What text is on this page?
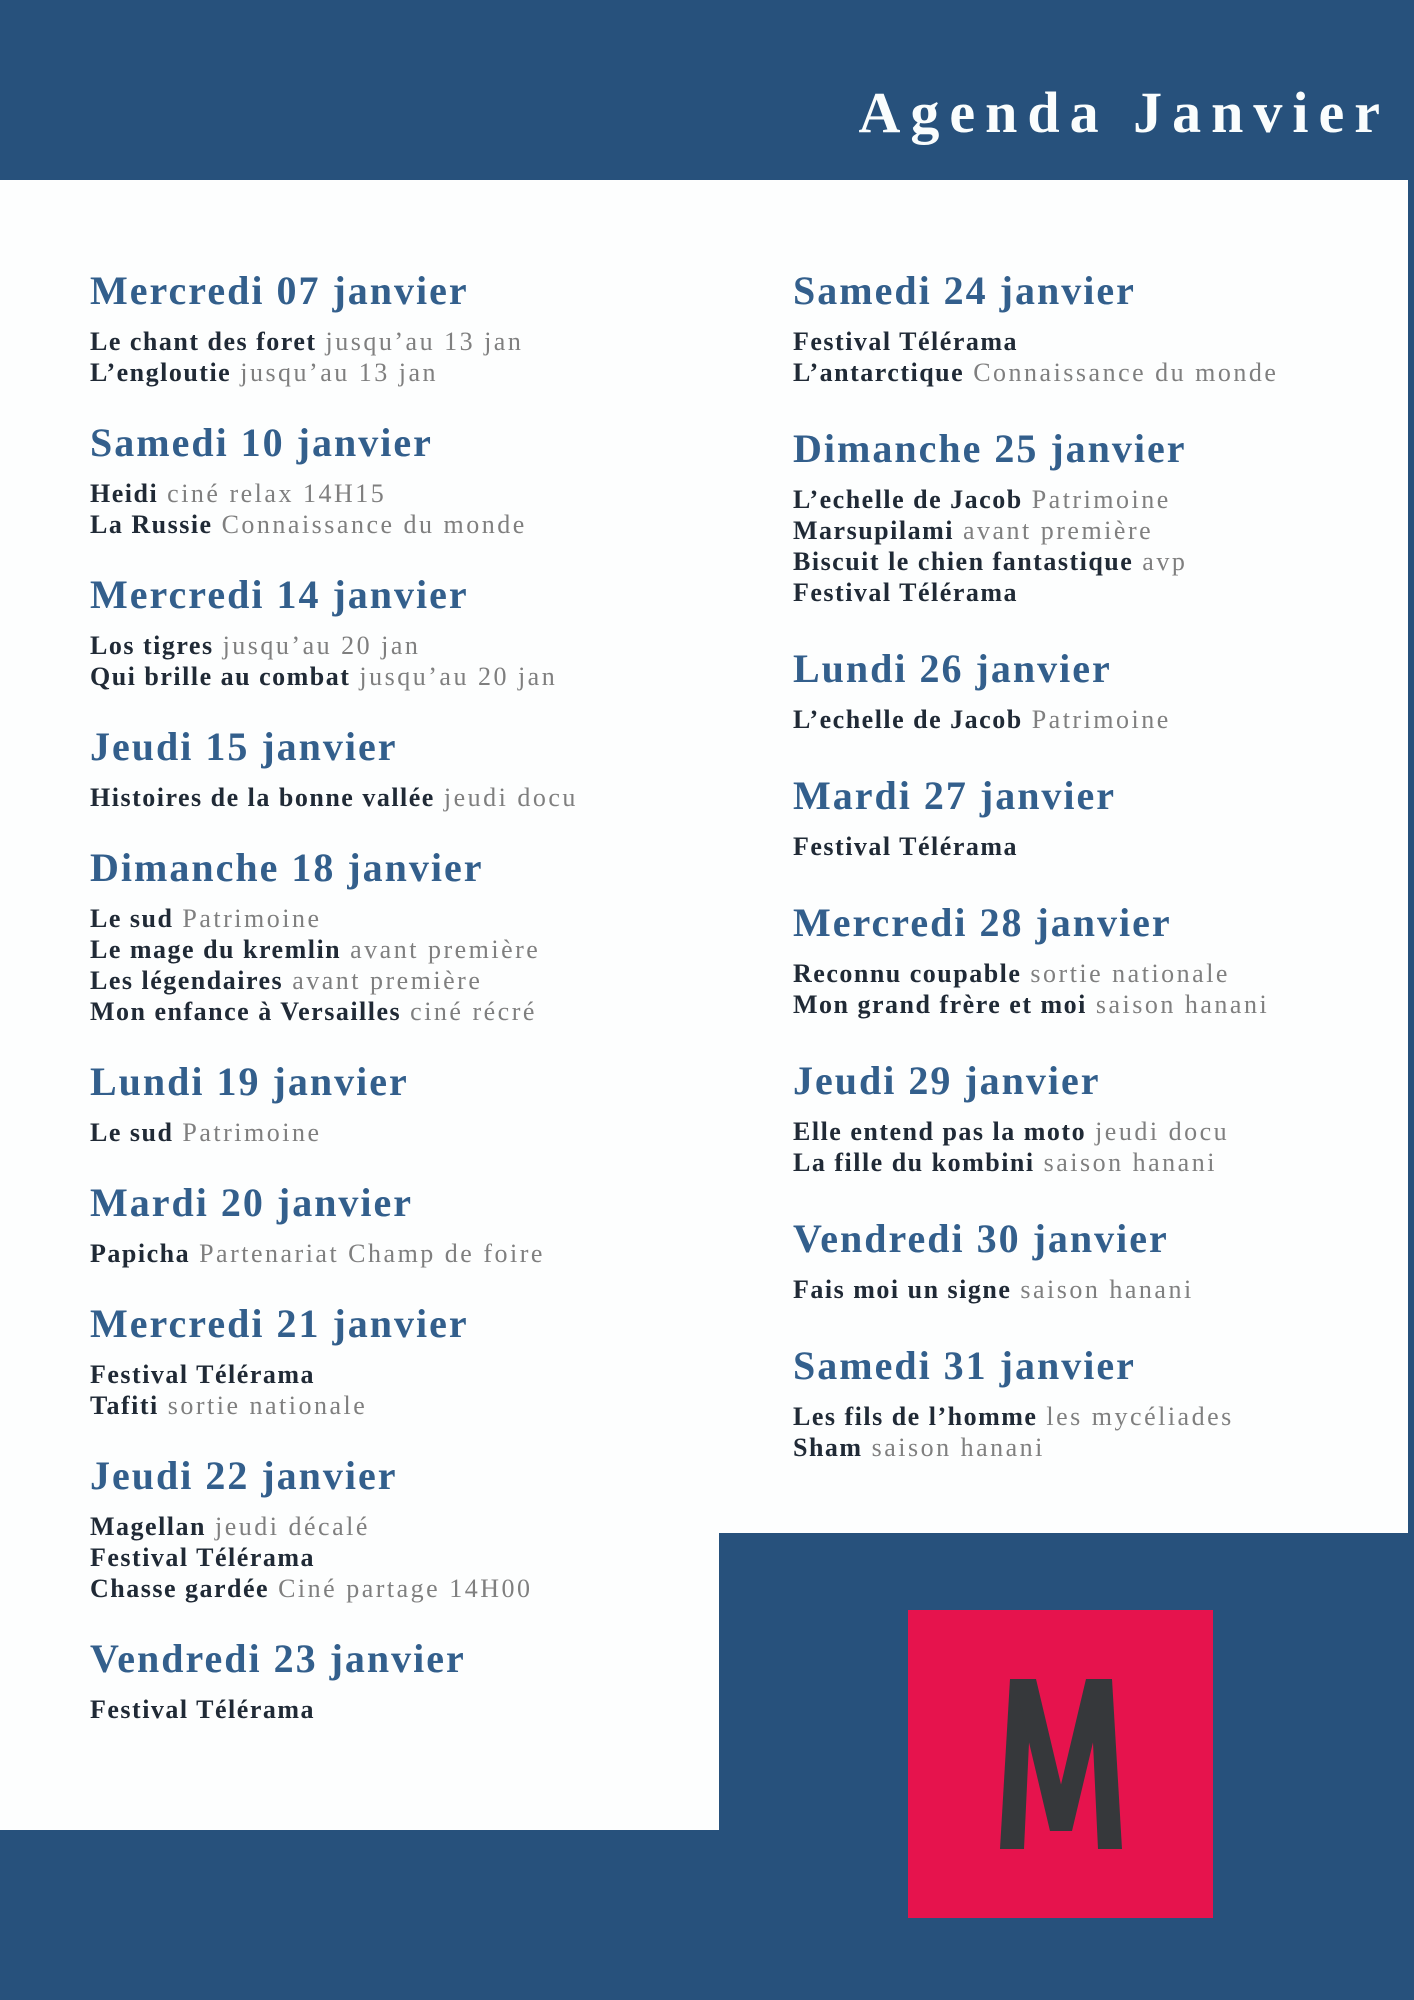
Agenda Janvier
Mercredi 07 janvier

Le chant des foret jusqu’au 13 jan

L’engloutie jusqu’au 13 jan

Samedi 10 janvier

Heidi ciné relax 14H15

La Russie Connaissance du monde

Mercredi 14 janvier

Los tigres jusqu’au 20 jan

Qui brille au combat jusqu’au 20 jan

Jeudi 15 janvier

Histoires de la bonne vallée jeudi docu

Dimanche 18 janvier

Le sud Patrimoine

Le mage du kremlin avant première

Les légendaires avant première

Mon enfance à Versailles ciné récré

Lundi 19 janvier

Le sud Patrimoine

Mardi 20 janvier

Papicha Partenariat Champ de foire

Mercredi 21 janvier

Festival Télérama

Tafiti sortie nationale

Jeudi 22 janvier

Magellan jeudi décalé

Festival Télérama

Chasse gardée Ciné partage 14H00

Vendredi 23 janvier

Festival Télérama

Samedi 24 janvier

Festival Télérama

L’antarctique Connaissance du monde

Dimanche 25 janvier

L’echelle de Jacob Patrimoine

Marsupilami avant première

Biscuit le chien fantastique avp

Festival Télérama

Lundi 26 janvier

L’echelle de Jacob Patrimoine

Mardi 27 janvier

Festival Télérama

Mercredi 28 janvier

Reconnu coupable sortie nationale

Mon grand frère et moi saison hanani

Jeudi 29 janvier

Elle entend pas la moto jeudi docu

La fille du kombini saison hanani

Vendredi 30 janvier

Fais moi un signe saison hanani

Samedi 31 janvier

Les fils de l’homme les mycéliades

Sham saison hanani
